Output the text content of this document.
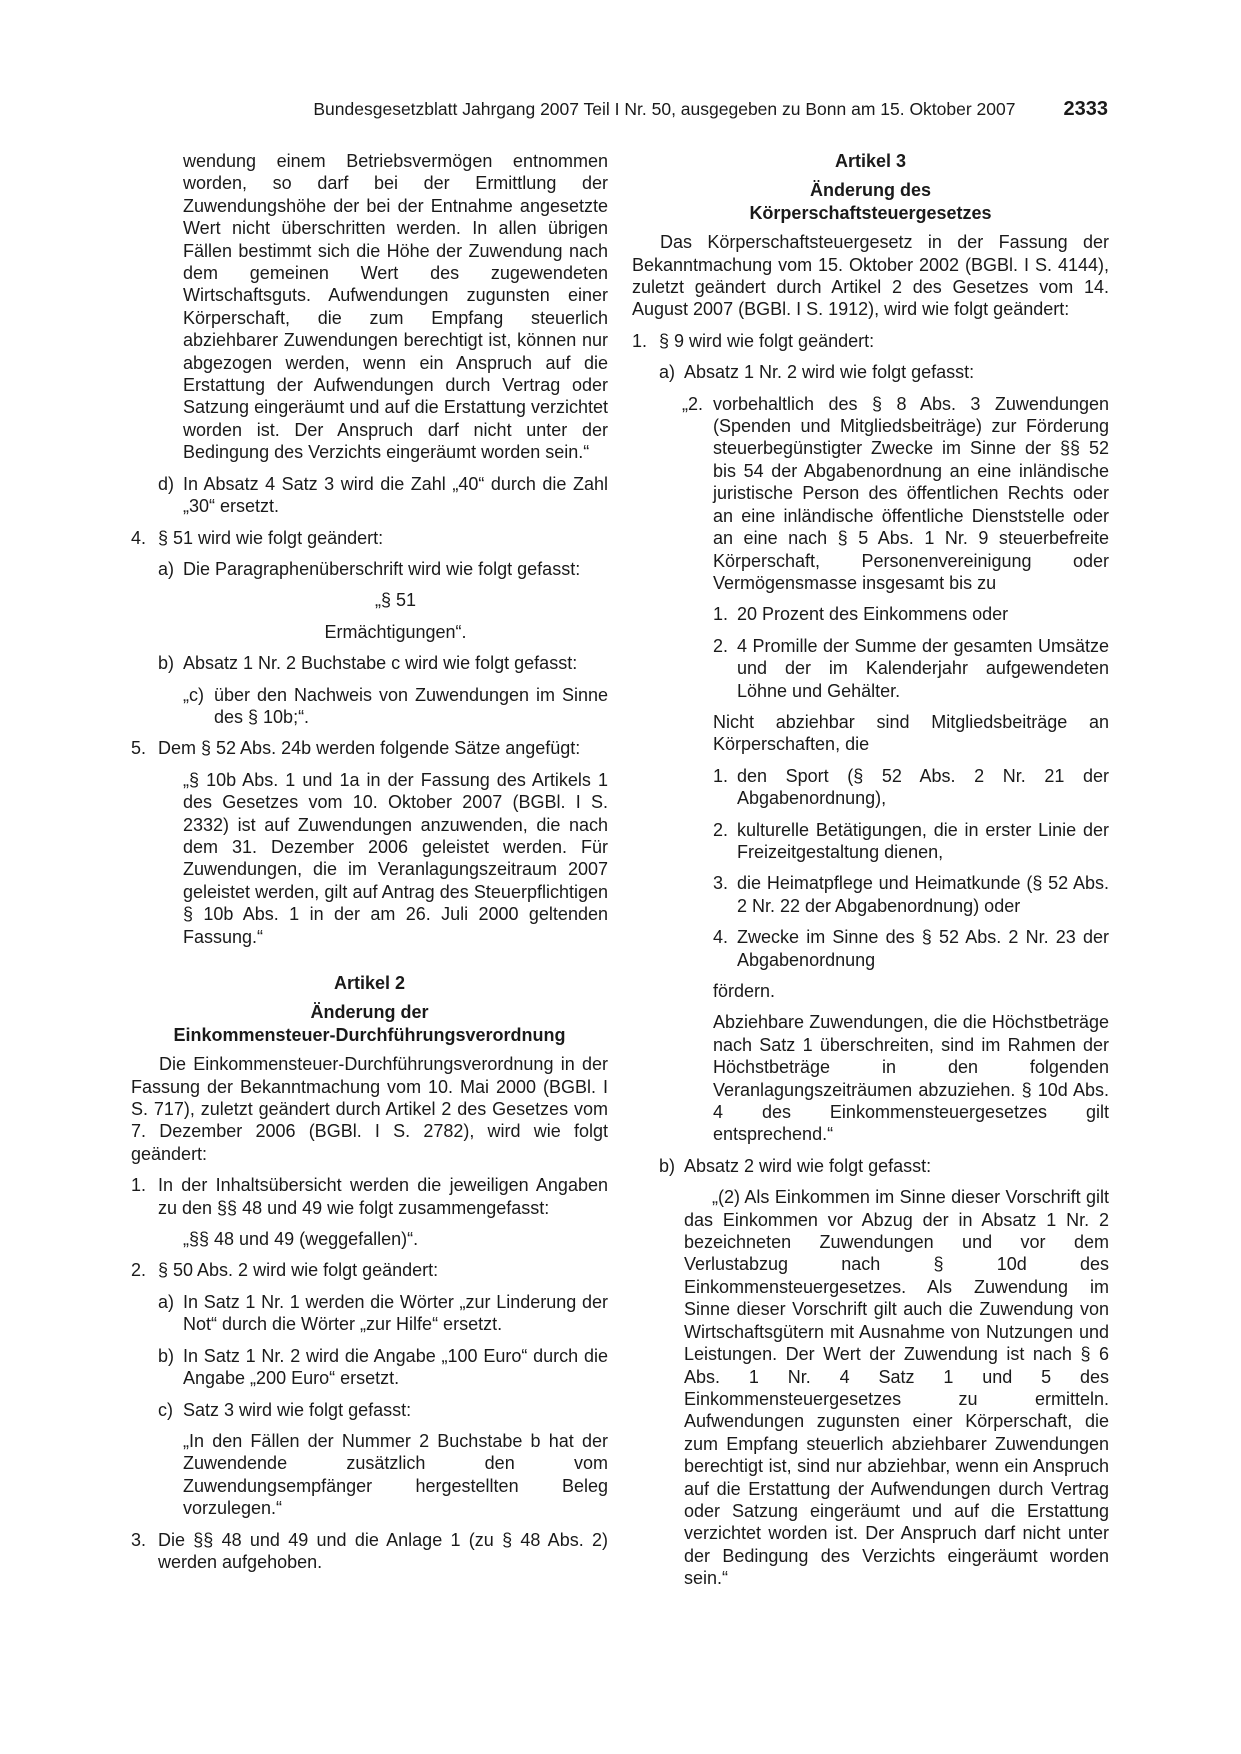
Bundesgesetzblatt Jahrgang 2007 Teil I Nr. 50, ausgegeben zu Bonn am 15. Oktober 2007 2333

wendung einem Betriebsvermögen entnommen worden, so darf bei der Ermittlung der Zuwendungshöhe der bei der Entnahme angesetzte Wert nicht überschritten werden. In allen übrigen Fällen bestimmt sich die Höhe der Zuwendung nach dem gemeinen Wert des zugewendeten Wirtschaftsguts. Aufwendungen zugunsten einer Körperschaft, die zum Empfang steuerlich abziehbarer Zuwendungen berechtigt ist, können nur abgezogen werden, wenn ein Anspruch auf die Erstattung der Aufwendungen durch Vertrag oder Satzung eingeräumt und auf die Erstattung verzichtet worden ist. Der Anspruch darf nicht unter der Bedingung des Verzichts eingeräumt worden sein.“

d) In Absatz 4 Satz 3 wird die Zahl „40“ durch die Zahl „30“ ersetzt.

4. § 51 wird wie folgt geändert:

a) Die Paragraphenüberschrift wird wie folgt gefasst:

„§ 51

Ermächtigungen“.

b) Absatz 1 Nr. 2 Buchstabe c wird wie folgt gefasst:

„c) über den Nachweis von Zuwendungen im Sinne des § 10b;“.

5. Dem § 52 Abs. 24b werden folgende Sätze angefügt:

„§ 10b Abs. 1 und 1a in der Fassung des Artikels 1 des Gesetzes vom 10. Oktober 2007 (BGBl. I S. 2332) ist auf Zuwendungen anzuwenden, die nach dem 31. Dezember 2006 geleistet werden. Für Zuwendungen, die im Veranlagungszeitraum 2007 geleistet werden, gilt auf Antrag des Steuerpflichtigen § 10b Abs. 1 in der am 26. Juli 2000 geltenden Fassung.“

Artikel 2

Änderung der

Einkommensteuer-Durchführungsverordnung

Die Einkommensteuer-Durchführungsverordnung in der Fassung der Bekanntmachung vom 10. Mai 2000 (BGBl. I S. 717), zuletzt geändert durch Artikel 2 des Gesetzes vom 7. Dezember 2006 (BGBl. I S. 2782), wird wie folgt geändert:

1. In der Inhaltsübersicht werden die jeweiligen Angaben zu den §§ 48 und 49 wie folgt zusammengefasst:

„§§ 48 und 49 (weggefallen)“.

2. § 50 Abs. 2 wird wie folgt geändert:

a) In Satz 1 Nr. 1 werden die Wörter „zur Linderung der Not“ durch die Wörter „zur Hilfe“ ersetzt.

b) In Satz 1 Nr. 2 wird die Angabe „100 Euro“ durch die Angabe „200 Euro“ ersetzt.

c) Satz 3 wird wie folgt gefasst:

„In den Fällen der Nummer 2 Buchstabe b hat der Zuwendende zusätzlich den vom Zuwendungsempfänger hergestellten Beleg vorzulegen.“

3. Die §§ 48 und 49 und die Anlage 1 (zu § 48 Abs. 2) werden aufgehoben.

Artikel 3

Änderung des

Körperschaftsteuergesetzes

Das Körperschaftsteuergesetz in der Fassung der Bekanntmachung vom 15. Oktober 2002 (BGBl. I S. 4144), zuletzt geändert durch Artikel 2 des Gesetzes vom 14. August 2007 (BGBl. I S. 1912), wird wie folgt geändert:

1. § 9 wird wie folgt geändert:

a) Absatz 1 Nr. 2 wird wie folgt gefasst:

„2. vorbehaltlich des § 8 Abs. 3 Zuwendungen (Spenden und Mitgliedsbeiträge) zur Förderung steuerbegünstigter Zwecke im Sinne der §§ 52 bis 54 der Abgabenordnung an eine inländische juristische Person des öffentlichen Rechts oder an eine inländische öffentliche Dienststelle oder an eine nach § 5 Abs. 1 Nr. 9 steuerbefreite Körperschaft, Personenvereinigung oder Vermögensmasse insgesamt bis zu

1. 20 Prozent des Einkommens oder

2. 4 Promille der Summe der gesamten Umsätze und der im Kalenderjahr aufgewendeten Löhne und Gehälter.

Nicht abziehbar sind Mitgliedsbeiträge an Körperschaften, die

1. den Sport (§ 52 Abs. 2 Nr. 21 der Abgabenordnung),

2. kulturelle Betätigungen, die in erster Linie der Freizeitgestaltung dienen,

3. die Heimatpflege und Heimatkunde (§ 52 Abs. 2 Nr. 22 der Abgabenordnung) oder

4. Zwecke im Sinne des § 52 Abs. 2 Nr. 23 der Abgabenordnung

fördern.

Abziehbare Zuwendungen, die die Höchstbeträge nach Satz 1 überschreiten, sind im Rahmen der Höchstbeträge in den folgenden Veranlagungszeiträumen abzuziehen. § 10d Abs. 4 des Einkommensteuergesetzes gilt entsprechend.“

b) Absatz 2 wird wie folgt gefasst:

„(2) Als Einkommen im Sinne dieser Vorschrift gilt das Einkommen vor Abzug der in Absatz 1 Nr. 2 bezeichneten Zuwendungen und vor dem Verlustabzug nach § 10d des Einkommensteuergesetzes. Als Zuwendung im Sinne dieser Vorschrift gilt auch die Zuwendung von Wirtschaftsgütern mit Ausnahme von Nutzungen und Leistungen. Der Wert der Zuwendung ist nach § 6 Abs. 1 Nr. 4 Satz 1 und 5 des Einkommensteuergesetzes zu ermitteln. Aufwendungen zugunsten einer Körperschaft, die zum Empfang steuerlich abziehbarer Zuwendungen berechtigt ist, sind nur abziehbar, wenn ein Anspruch auf die Erstattung der Aufwendungen durch Vertrag oder Satzung eingeräumt und auf die Erstattung verzichtet worden ist. Der Anspruch darf nicht unter der Bedingung des Verzichts eingeräumt worden sein.“
